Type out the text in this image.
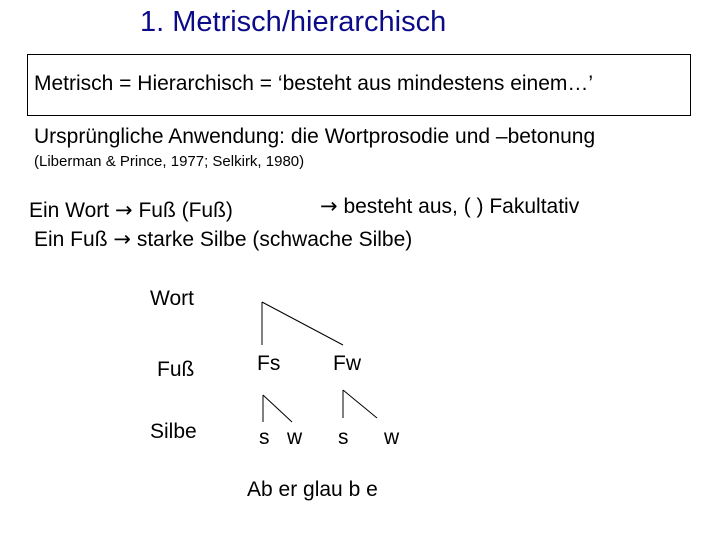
1. Metrisch/hierarchisch
Metrisch = Hierarchisch = ‘besteht aus mindestens einem…’
Ursprüngliche Anwendung: die Wortprosodie und –betonung
(Liberman & Prince, 1977; Selkirk, 1980)
Ein Wort → Fuß (Fuß)	→ besteht aus, ( ) Fakultativ
Ein Fuß → starke Silbe (schwache Silbe)
Wort
Fuß
Silbe
Fs	Fw
s w s w
Ab er glau b e
